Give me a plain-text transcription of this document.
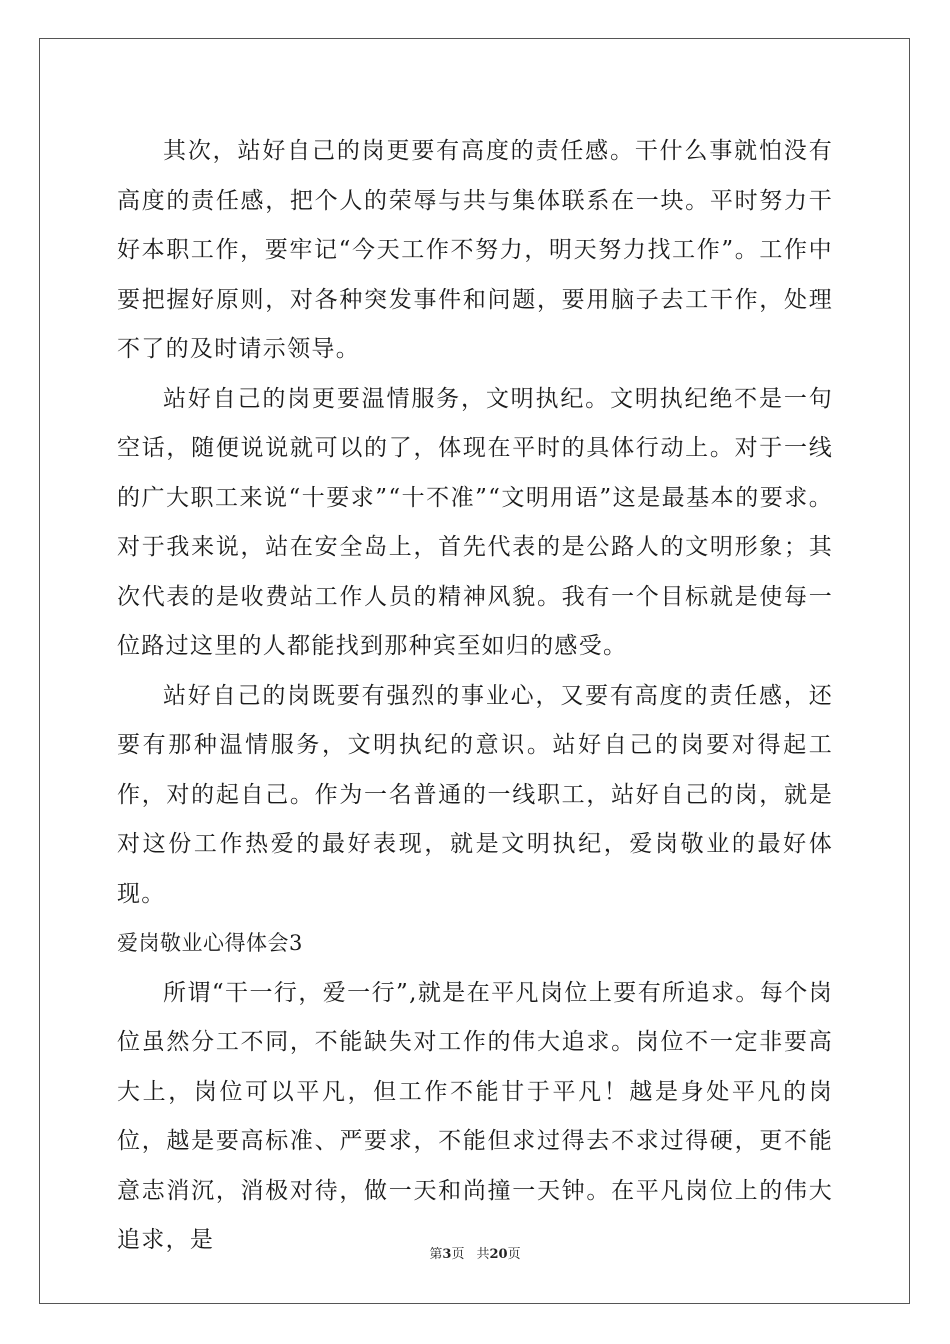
其次，站好自己的岗更要有高度的责任感。干什么事就怕没有高度的责任感，把个人的荣辱与共与集体联系在一块。平时努力干好本职工作，要牢记“今天工作不努力，明天努力找工作”。工作中要把握好原则，对各种突发事件和问题，要用脑子去工干作，处理不了的及时请示领导。

站好自己的岗更要温情服务，文明执纪。文明执纪绝不是一句空话，随便说说就可以的了，体现在平时的具体行动上。对于一线的广大职工来说“十要求”“十不准”“文明用语”这是最基本的要求。对于我来说，站在安全岛上，首先代表的是公路人的文明形象；其次代表的是收费站工作人员的精神风貌。我有一个目标就是使每一位路过这里的人都能找到那种宾至如归的感受。

站好自己的岗既要有强烈的事业心，又要有高度的责任感，还要有那种温情服务，文明执纪的意识。站好自己的岗要对得起工作，对的起自己。作为一名普通的一线职工，站好自己的岗，就是对这份工作热爱的最好表现，就是文明执纪，爱岗敬业的最好体现。

爱岗敬业心得体会3

所谓“干一行，爱一行”,就是在平凡岗位上要有所追求。每个岗位虽然分工不同，不能缺失对工作的伟大追求。岗位不一定非要高大上，岗位可以平凡，但工作不能甘于平凡！越是身处平凡的岗位，越是要高标准、严要求，不能但求过得去不求过得硬，更不能意志消沉，消极对待，做一天和尚撞一天钟。在平凡岗位上的伟大追求，是

第3页 共20页
